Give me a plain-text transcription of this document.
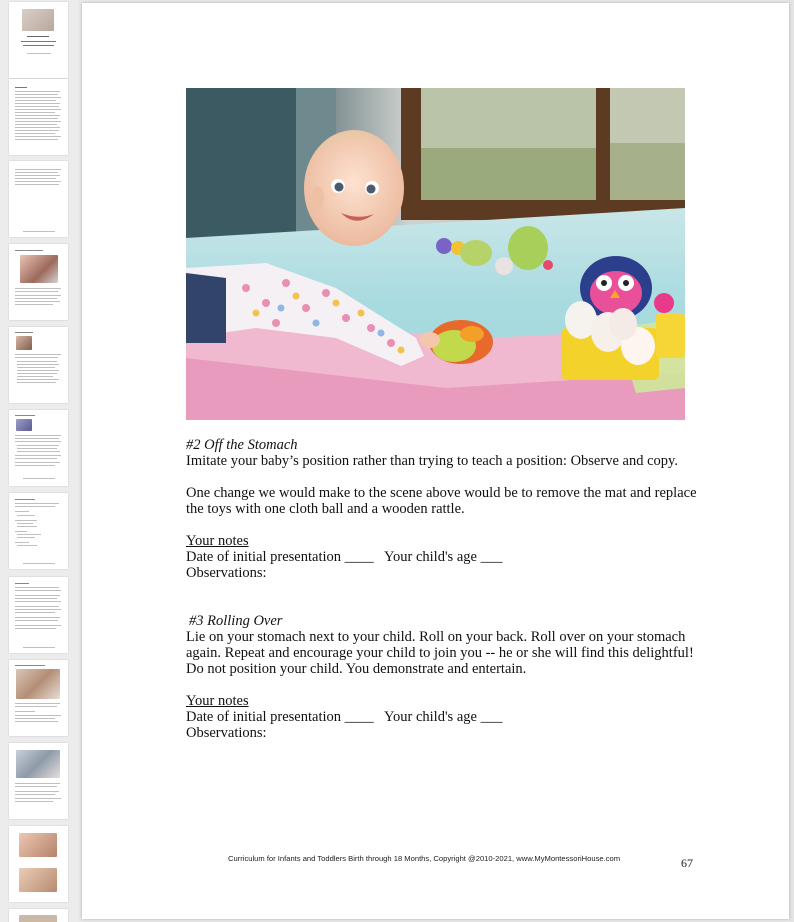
#2 Off the Stomach
Imitate your baby’s position rather than trying to teach a position: Observe and copy.
One change we would make to the scene above would be to remove the mat and replace
the toys with one cloth ball and a wooden rattle.
Your notes
Date of initial presentation ____   Your child's age ___
Observations:
#3 Rolling Over
Lie on your stomach next to your child. Roll on your back. Roll over on your stomach
again. Repeat and encourage your child to join you -- he or she will find this delightful!
Do not position your child. You demonstrate and entertain.
Your notes
Date of initial presentation ____   Your child's age ___
Observations:
Curriculum for Infants and Toddlers Birth through 18 Months, Copyright @2010-2021, www.MyMontessoriHouse.com	67
